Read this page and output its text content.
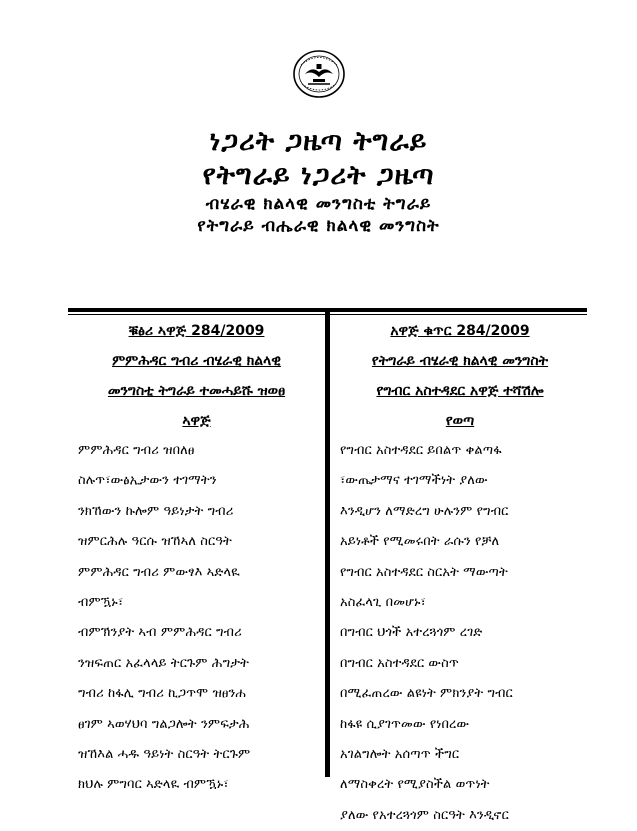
ነጋሪት ጋዜጣ ትግራይ
የትግራይ ነጋሪት ጋዜጣ
ብሄራዊ ክልላዊ መንግስቲ ትግራይ
የትግራይ ብሔራዊ ክልላዊ መንግስት

ቑፅሪ ኣዋጅ 284/2009

ምምሕዳር ግብሪ ብሄራዊ ክልላዊ

መንግስቲ ትግራይ ተመሓይሹ ዝወፀ

ኣዋጅ

ምምሕዳር ግብሪ ዝበለፀ

ስሉጥ፣ውፅኢታውን ተገማትን

ንክኸውን ኩሎም ዓይነታት ግብሪ

ዝምርሕሉ ዓርሱ ዝኸኣለ ስርዓት

ምምሕዳር ግብሪ ምውፃእ ኣድላዪ

ብምዃኑ፣

ብምኽንያት ኣብ ምምሕዳር ግብሪ

ንዝፍጠር አፈላላይ ትርጉም ሕግታት

ግብሪ ከፋሊ ግብሪ ኪጋጥሞ ዝፀንሐ

ፀገም ኣወሃህባ ግልጋሎት ንምፍታሕ

ዝኸእል ሓዱ ዓይነት ስርዓት ትርጉም

ክህሉ ምግባር ኣድላዪ ብምዃኑ፣

አዋጅ ቁጥር 284/2009

የትግራይ ብሄራዊ ክልላዊ መንግስት

የግብር አስተዳደር አዋጅ ተሻሽሎ

የወጣ

የግብር አስተዳደር ይበልጥ ቀልጣፋ

፣ውጤታማና ተገማችነት ያለው

እንዲሆን ለማድረግ ሁሉንም የግብር

አይነቶች የሚመሩበት ራሱን የቻለ

የግብር አስተዳደር ስርአት ማውጣት

አስፈላጊ በመሆኑ፣

በግብር ህጎች አተረጓጎም ረገድ

በግብር አስተዳደር ውስጥ

በሚፈጠረው ልዩነት ምክንያት ግብር

ከፋዩ ሲያገጥመው የነበረው

አገልግሎት አሰጣጥ ችግር

ለማስቀረት የሚያስችል ወጥነት

ያለው የአተረጓጎም ስርዓት እንዲኖር
